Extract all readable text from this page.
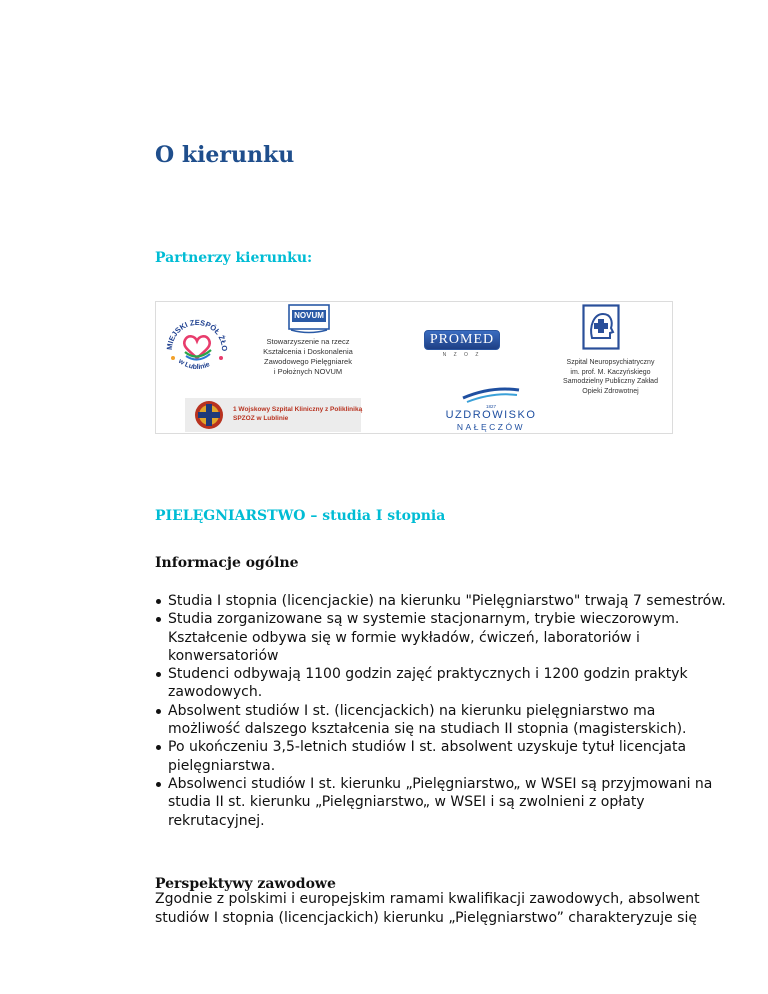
O kierunku
Partnerzy kierunku:
MIEJSKI ZESPÓŁ ŻŁO
w Lublinie
NOVUM
Stowarzyszenie na rzecz
Kształcenia i Doskonalenia
Zawodowego Pielęgniarek
i Położnych NOVUM
PROMED
N Z O Z
Szpital Neuropsychiatryczny
im. prof. M. Kaczyńskiego
Samodzielny Publiczny Zakład
Opieki Zdrowotnej
1 Wojskowy Szpital Kliniczny z Polikliniką
SPZOZ w Lublinie
1827
UZDROWISKO
NAŁĘCZÓW
PIELĘGNIARSTWO – studia I stopnia
Informacje ogólne
Studia I stopnia (licencjackie) na kierunku "Pielęgniarstwo" trwają 7 semestrów.
Studia zorganizowane są w systemie stacjonarnym, trybie wieczorowym. Kształcenie odbywa się w formie wykładów, ćwiczeń, laboratoriów i konwersatoriów
Studenci odbywają 1100 godzin zajęć praktycznych i 1200 godzin praktyk zawodowych.
Absolwent studiów I st. (licencjackich) na kierunku pielęgniarstwo ma możliwość dalszego kształcenia się na studiach II stopnia (magisterskich).
Po ukończeniu 3,5-letnich studiów I st. absolwent uzyskuje tytuł licencjata pielęgniarstwa.
Absolwenci studiów I st. kierunku „Pielęgniarstwo„ w WSEI są przyjmowani na studia II st. kierunku „Pielęgniarstwo„ w WSEI i są zwolnieni z opłaty rekrutacyjnej.
Perspektywy zawodowe

Zgodnie z polskimi i europejskim ramami kwalifikacji zawodowych, absolwent studiów I stopnia (licencjackich) kierunku „Pielęgniarstwo” charakteryzuje się
